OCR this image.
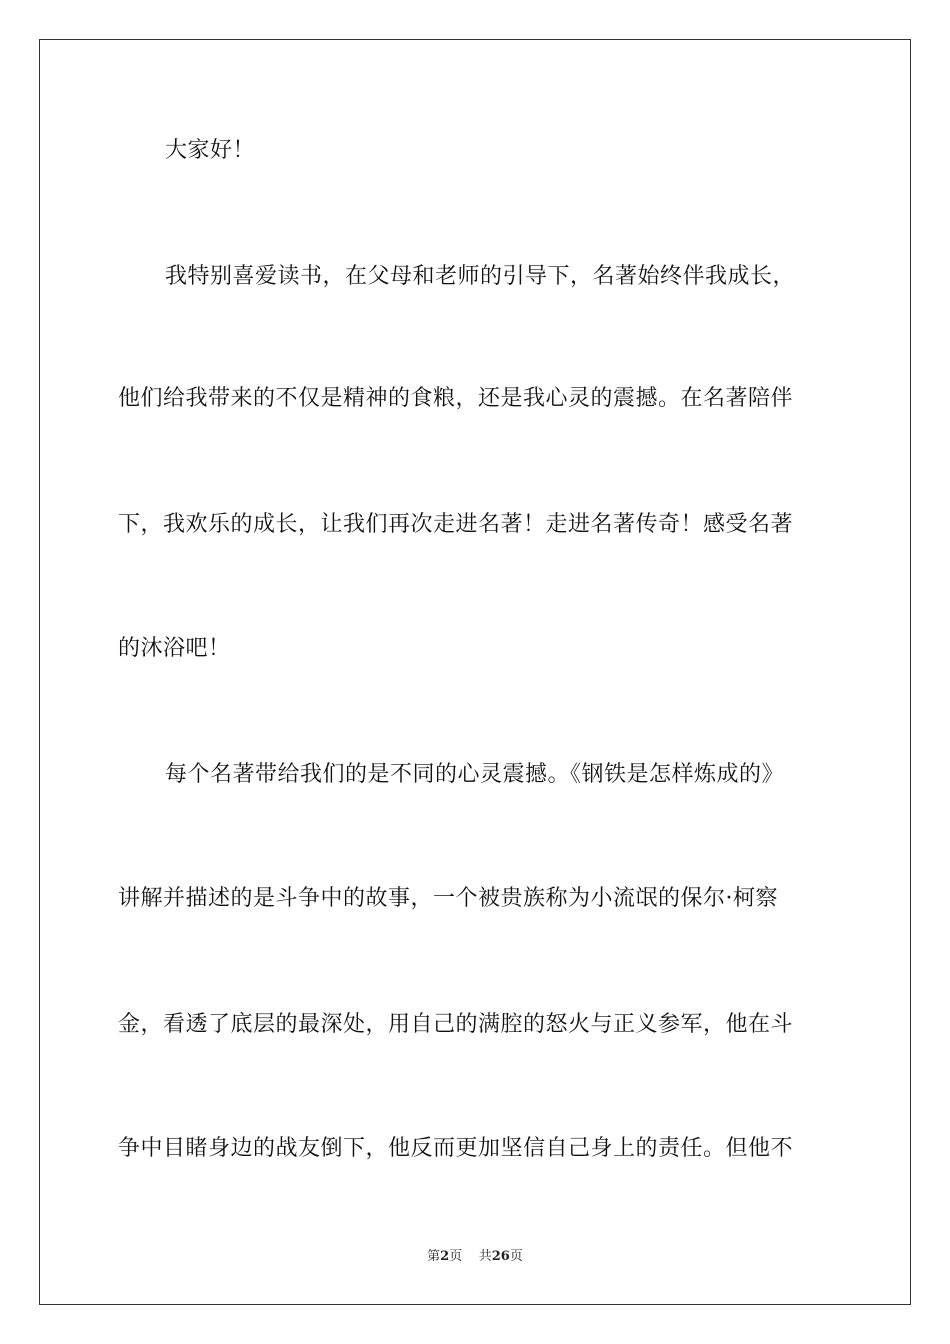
大家好！
我特别喜爱读书，在父母和老师的引导下，名著始终伴我成长，
他们给我带来的不仅是精神的食粮，还是我心灵的震撼。在名著陪伴
下，我欢乐的成长，让我们再次走进名著！走进名著传奇！感受名著
的沐浴吧！
每个名著带给我们的是不同的心灵震撼。《钢铁是怎样炼成的》
讲解并描述的是斗争中的故事，一个被贵族称为小流氓的保尔·柯察
金，看透了底层的最深处，用自己的满腔的怒火与正义参军，他在斗
争中目睹身边的战友倒下，他反而更加坚信自己身上的责任。但他不
第2页 共26页
